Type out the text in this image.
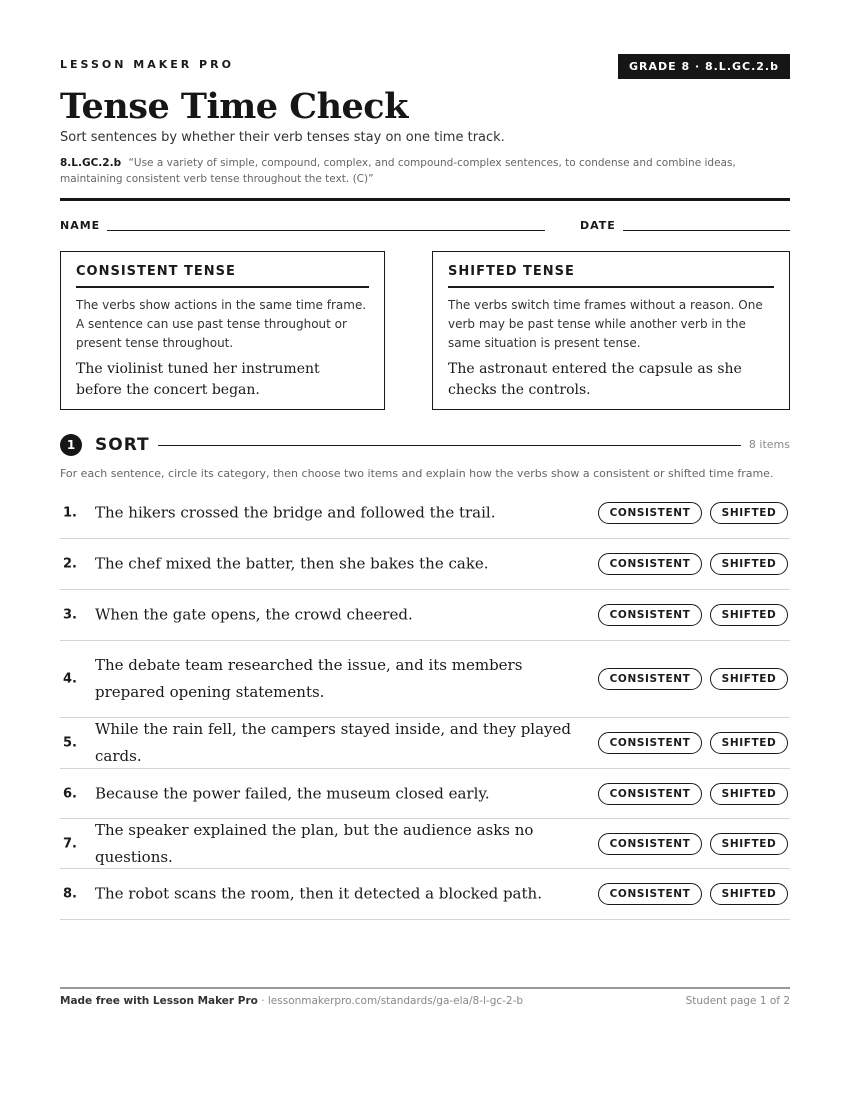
LESSON MAKER PRO	GRADE 8 · 8.L.GC.2.b
Tense Time Check
Sort sentences by whether their verb tenses stay on one time track.
8.L.GC.2.b “Use a variety of simple, compound, complex, and compound-complex sentences, to condense and combine ideas, maintaining consistent verb tense throughout the text. (C)”
NAME	DATE
CONSISTENT TENSE
The verbs show actions in the same time frame. A sentence can use past tense throughout or present tense throughout.
The violinist tuned her instrument before the concert began.
SHIFTED TENSE
The verbs switch time frames without a reason. One verb may be past tense while another verb in the same situation is present tense.
The astronaut entered the capsule as she checks the controls.
1	SORT	8 items
For each sentence, circle its category, then choose two items and explain how the verbs show a consistent or shifted time frame.
1. The hikers crossed the bridge and followed the trail.	CONSISTENT	SHIFTED
2. The chef mixed the batter, then she bakes the cake.	CONSISTENT	SHIFTED
3. When the gate opens, the crowd cheered.	CONSISTENT	SHIFTED
4.
The debate team researched the issue, and its members prepared opening statements.
CONSISTENT	SHIFTED
5.
While the rain fell, the campers stayed inside, and they played cards.
CONSISTENT	SHIFTED
6. Because the power failed, the museum closed early.	CONSISTENT	SHIFTED
7.
The speaker explained the plan, but the audience asks no questions.
CONSISTENT	SHIFTED
8. The robot scans the room, then it detected a blocked path.	CONSISTENT	SHIFTED
Made free with Lesson Maker Pro · lessonmakerpro.com/standards/ga-ela/8-l-gc-2-b	Student page 1 of 2
